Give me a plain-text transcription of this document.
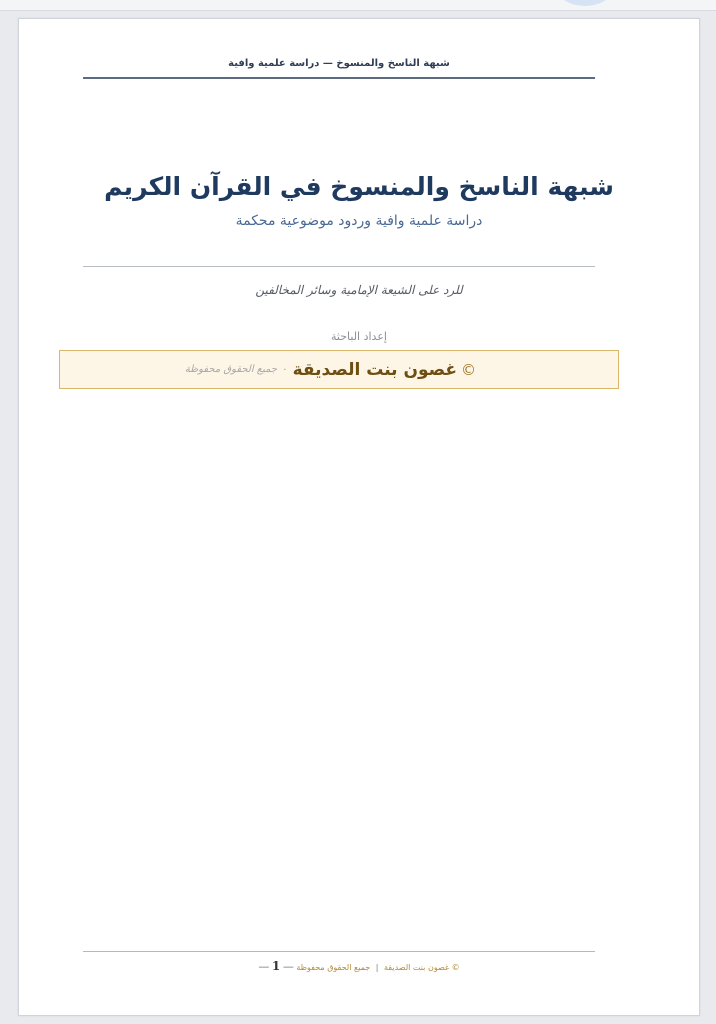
شبهة الناسخ والمنسوخ — دراسة علمية وافية
شبهة الناسخ والمنسوخ في القرآن الكريم
دراسة علمية وافية وردود موضوعية محكمة
للرد على الشيعة الإمامية وسائر المخالفين
إعداد الباحثة
©
غصون بنت الصديقة
·
جميع الحقوق محفوظة
© غصون بنت الصديقة | جميع الحقوق محفوظة — 1 —
